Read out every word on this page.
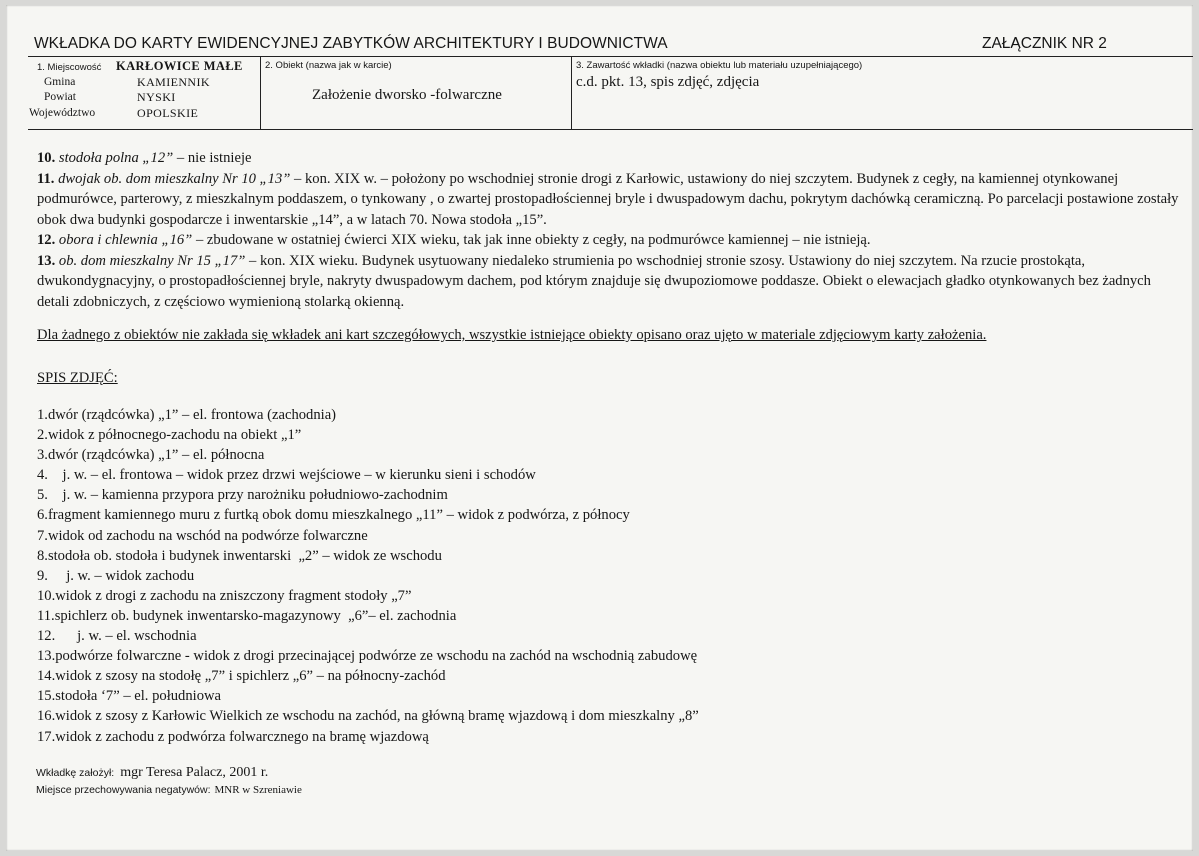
WKŁADKA DO KARTY EWIDENCYJNEJ ZABYTKÓW ARCHITEKTURY I BUDOWNICTWA	ZAŁĄCZNIK NR 2
1. Miejscowość KARŁOWICE MAŁE
Gmina	KAMIENNIK
Powiat	NYSKI
Województwo	OPOLSKIE
2. Obiekt (nazwa jak w karcie)
Założenie dworsko -folwarczne
3. Zawartość wkładki (nazwa obiektu lub materiału uzupełniającego)
c.d. pkt. 13, spis zdjęć, zdjęcia

10. stodoła polna „12” – nie istnieje

11. dwojak ob. dom mieszkalny Nr 10 „13” – kon. XIX w. – położony po wschodniej stronie drogi z Karłowic, ustawiony do niej szczytem. Budynek z cegły, na kamiennej otynkowanej podmurówce, parterowy, z mieszkalnym poddaszem, o tynkowany , o zwartej prostopadłościennej bryle i dwuspadowym dachu, pokrytym dachówką ceramiczną. Po parcelacji postawione zostały obok dwa budynki gospodarcze i inwentarskie „14”, a w latach 70. Nowa stodoła „15”.

12. obora i chlewnia „16” – zbudowane w ostatniej ćwierci XIX wieku, tak jak inne obiekty z cegły, na podmurówce kamiennej – nie istnieją.

13. ob. dom mieszkalny Nr 15 „17” – kon. XIX wieku. Budynek usytuowany niedaleko strumienia po wschodniej stronie szosy. Ustawiony do niej szczytem. Na rzucie prostokąta, dwukondygnacyjny, o prostopadłościennej bryle, nakryty dwuspadowym dachem, pod którym znajduje się dwupoziomowe poddasze. Obiekt o elewacjach gładko otynkowanych bez żadnych detali zdobniczych, z częściowo wymienioną stolarką okienną.

Dla żadnego z obiektów nie zakłada się wkładek ani kart szczegółowych, wszystkie istniejące obiekty opisano oraz ujęto w materiale zdjęciowym karty założenia.
SPIS ZDJĘĆ:
1.dwór (rządcówka) „1” – el. frontowa (zachodnia)
2.widok z północnego-zachodu na obiekt „1”
3.dwór (rządcówka) „1” – el. północna
4.    j. w. – el. frontowa – widok przez drzwi wejściowe – w kierunku sieni i schodów
5.    j. w. – kamienna przypora przy narożniku południowo-zachodnim
6.fragment kamiennego muru z furtką obok domu mieszkalnego „11” – widok z podwórza, z północy
7.widok od zachodu na wschód na podwórze folwarczne
8.stodoła ob. stodoła i budynek inwentarski  „2” – widok ze wschodu
9.     j. w. – widok zachodu
10.widok z drogi z zachodu na zniszczony fragment stodoły „7”
11.spichlerz ob. budynek inwentarsko-magazynowy  „6”– el. zachodnia
12.      j. w. – el. wschodnia
13.podwórze folwarczne - widok z drogi przecinającej podwórze ze wschodu na zachód na wschodnią zabudowę
14.widok z szosy na stodołę „7” i spichlerz „6” – na północny-zachód
15.stodoła ‘7” – el. południowa
16.widok z szosy z Karłowic Wielkich ze wschodu na zachód, na główną bramę wjazdową i dom mieszkalny „8”
17.widok z zachodu z podwórza folwarcznego na bramę wjazdową
Wkładkę założył: mgr Teresa Palacz, 2001 r.
Miejsce przechowywania negatywów: MNR w Szreniawie
